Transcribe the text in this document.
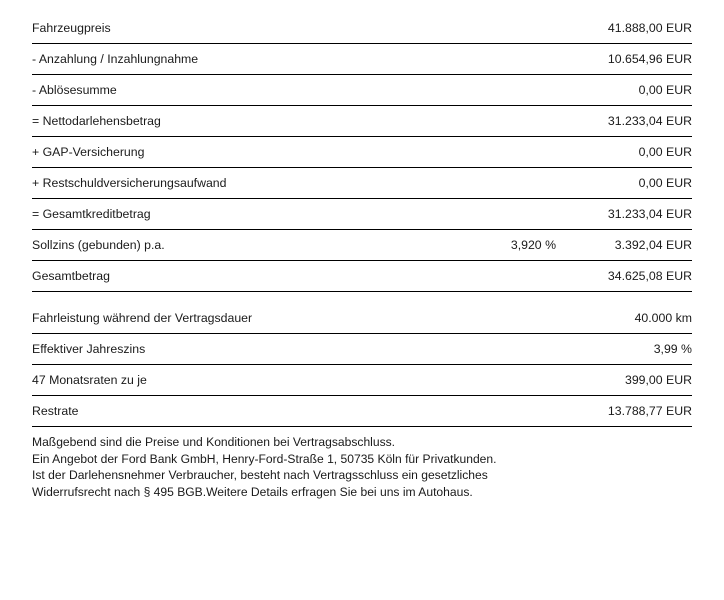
Fahrzeugpreis		41.888,00 EUR
- Anzahlung / Inzahlungnahme		10.654,96 EUR
- Ablösesumme		0,00 EUR
= Nettodarlehensbetrag		31.233,04 EUR
+ GAP-Versicherung		0,00 EUR
+ Restschuldversicherungsaufwand		0,00 EUR
= Gesamtkreditbetrag		31.233,04 EUR
Sollzins (gebunden) p.a.	3,920 %	3.392,04 EUR
Gesamtbetrag		34.625,08 EUR

Fahrleistung während der Vertragsdauer		40.000 km
Effektiver Jahreszins		3,99 %
47 Monatsraten zu je		399,00 EUR
Restrate		13.788,77 EUR
Maßgebend sind die Preise und Konditionen bei Vertragsabschluss.
Ein Angebot der Ford Bank GmbH, Henry-Ford-Straße 1, 50735 Köln für Privatkunden.
Ist der Darlehensnehmer Verbraucher, besteht nach Vertragsschluss ein gesetzliches
Widerrufsrecht nach § 495 BGB.Weitere Details erfragen Sie bei uns im Autohaus.
